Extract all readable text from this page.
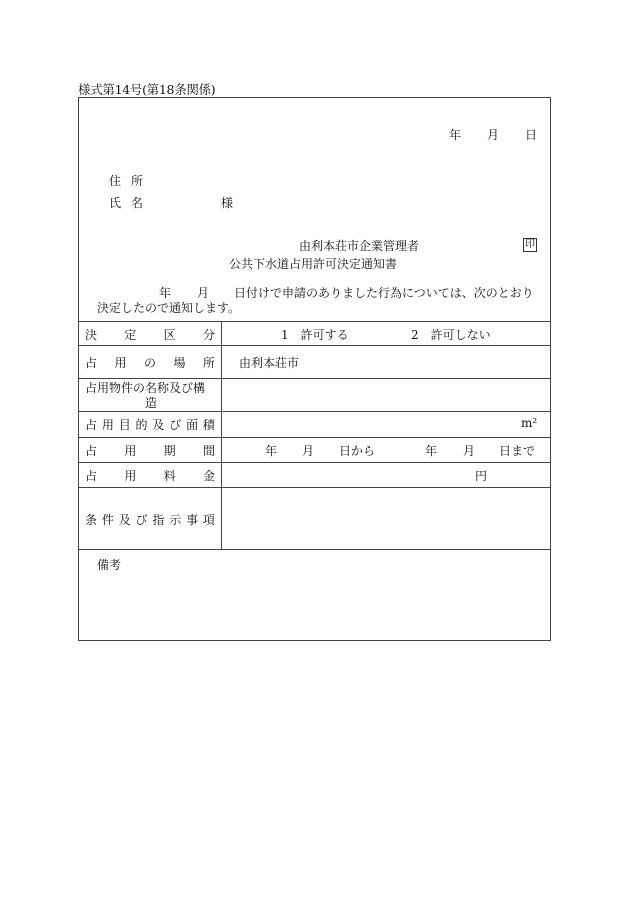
様式第14号(第18条関係)
年 月 日
住 所
氏 名	様
由利本荘市企業管理者	印
公共下水道占用許可決定通知書
年 月 日付けで申請のありました行為については、次のとおり
決定したので通知します。
決 定 区 分	1　許可する	2　許可しない
占 用 の 場 所 由利本荘市
占用物件の名称及び構
造
占 用 目 的 及 び 面 積	m²
占 用 期 間	年 月 日から	年 月 日まで
占 用 料 金	円
条 件 及 び 指 示 事 項
備考
